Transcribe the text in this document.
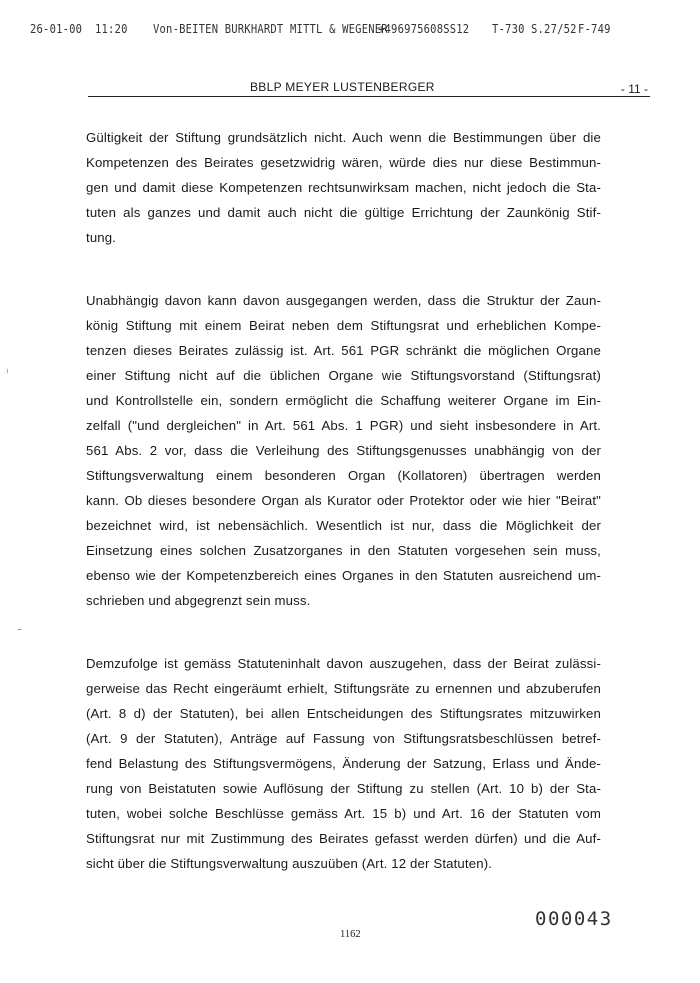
26-01-00 11:20 Von-BEITEN BURKHARDT MITTL & WEGENER
+496975608SS12 T-730 S.27/52 F-749
BBLP MEYER LUSTENBERGER	- 11 -
⁾
˜
Gültigkeit der Stiftung grundsätzlich nicht. Auch wenn die Bestimmungen über die
Kompetenzen des Beirates gesetzwidrig wären, würde dies nur diese Bestimmun-
gen und damit diese Kompetenzen rechtsunwirksam machen, nicht jedoch die Sta-
tuten als ganzes und damit auch nicht die gültige Errichtung der Zaunkönig Stif-
tung.
Unabhängig davon kann davon ausgegangen werden, dass die Struktur der Zaun-
könig Stiftung mit einem Beirat neben dem Stiftungsrat und erheblichen Kompe-
tenzen dieses Beirates zulässig ist. Art. 561 PGR schränkt die möglichen Organe
einer Stiftung nicht auf die üblichen Organe wie Stiftungsvorstand (Stiftungsrat)
und Kontrollstelle ein, sondern ermöglicht die Schaffung weiterer Organe im Ein-
zelfall ("und dergleichen" in Art. 561 Abs. 1 PGR) und sieht insbesondere in Art.
561 Abs. 2 vor, dass die Verleihung des Stiftungsgenusses unabhängig von der
Stiftungsverwaltung einem besonderen Organ (Kollatoren) übertragen werden
kann. Ob dieses besondere Organ als Kurator oder Protektor oder wie hier "Beirat"
bezeichnet wird, ist nebensächlich. Wesentlich ist nur, dass die Möglichkeit der
Einsetzung eines solchen Zusatzorganes in den Statuten vorgesehen sein muss,
ebenso wie der Kompetenzbereich eines Organes in den Statuten ausreichend um-
schrieben und abgegrenzt sein muss.
Demzufolge ist gemäss Statuteninhalt davon auszugehen, dass der Beirat zulässi-
gerweise das Recht eingeräumt erhielt, Stiftungsräte zu ernennen und abzuberufen
(Art. 8 d) der Statuten), bei allen Entscheidungen des Stiftungsrates mitzuwirken
(Art. 9 der Statuten), Anträge auf Fassung von Stiftungsratsbeschlüssen betref-
fend Belastung des Stiftungsvermögens, Änderung der Satzung, Erlass und Ände-
rung von Beistatuten sowie Auflösung der Stiftung zu stellen (Art. 10 b) der Sta-
tuten, wobei solche Beschlüsse gemäss Art. 15 b) und Art. 16 der Statuten vom
Stiftungsrat nur mit Zustimmung des Beirates gefasst werden dürfen) und die Auf-
sicht über die Stiftungsverwaltung auszuüben (Art. 12 der Statuten).
000043
1162
